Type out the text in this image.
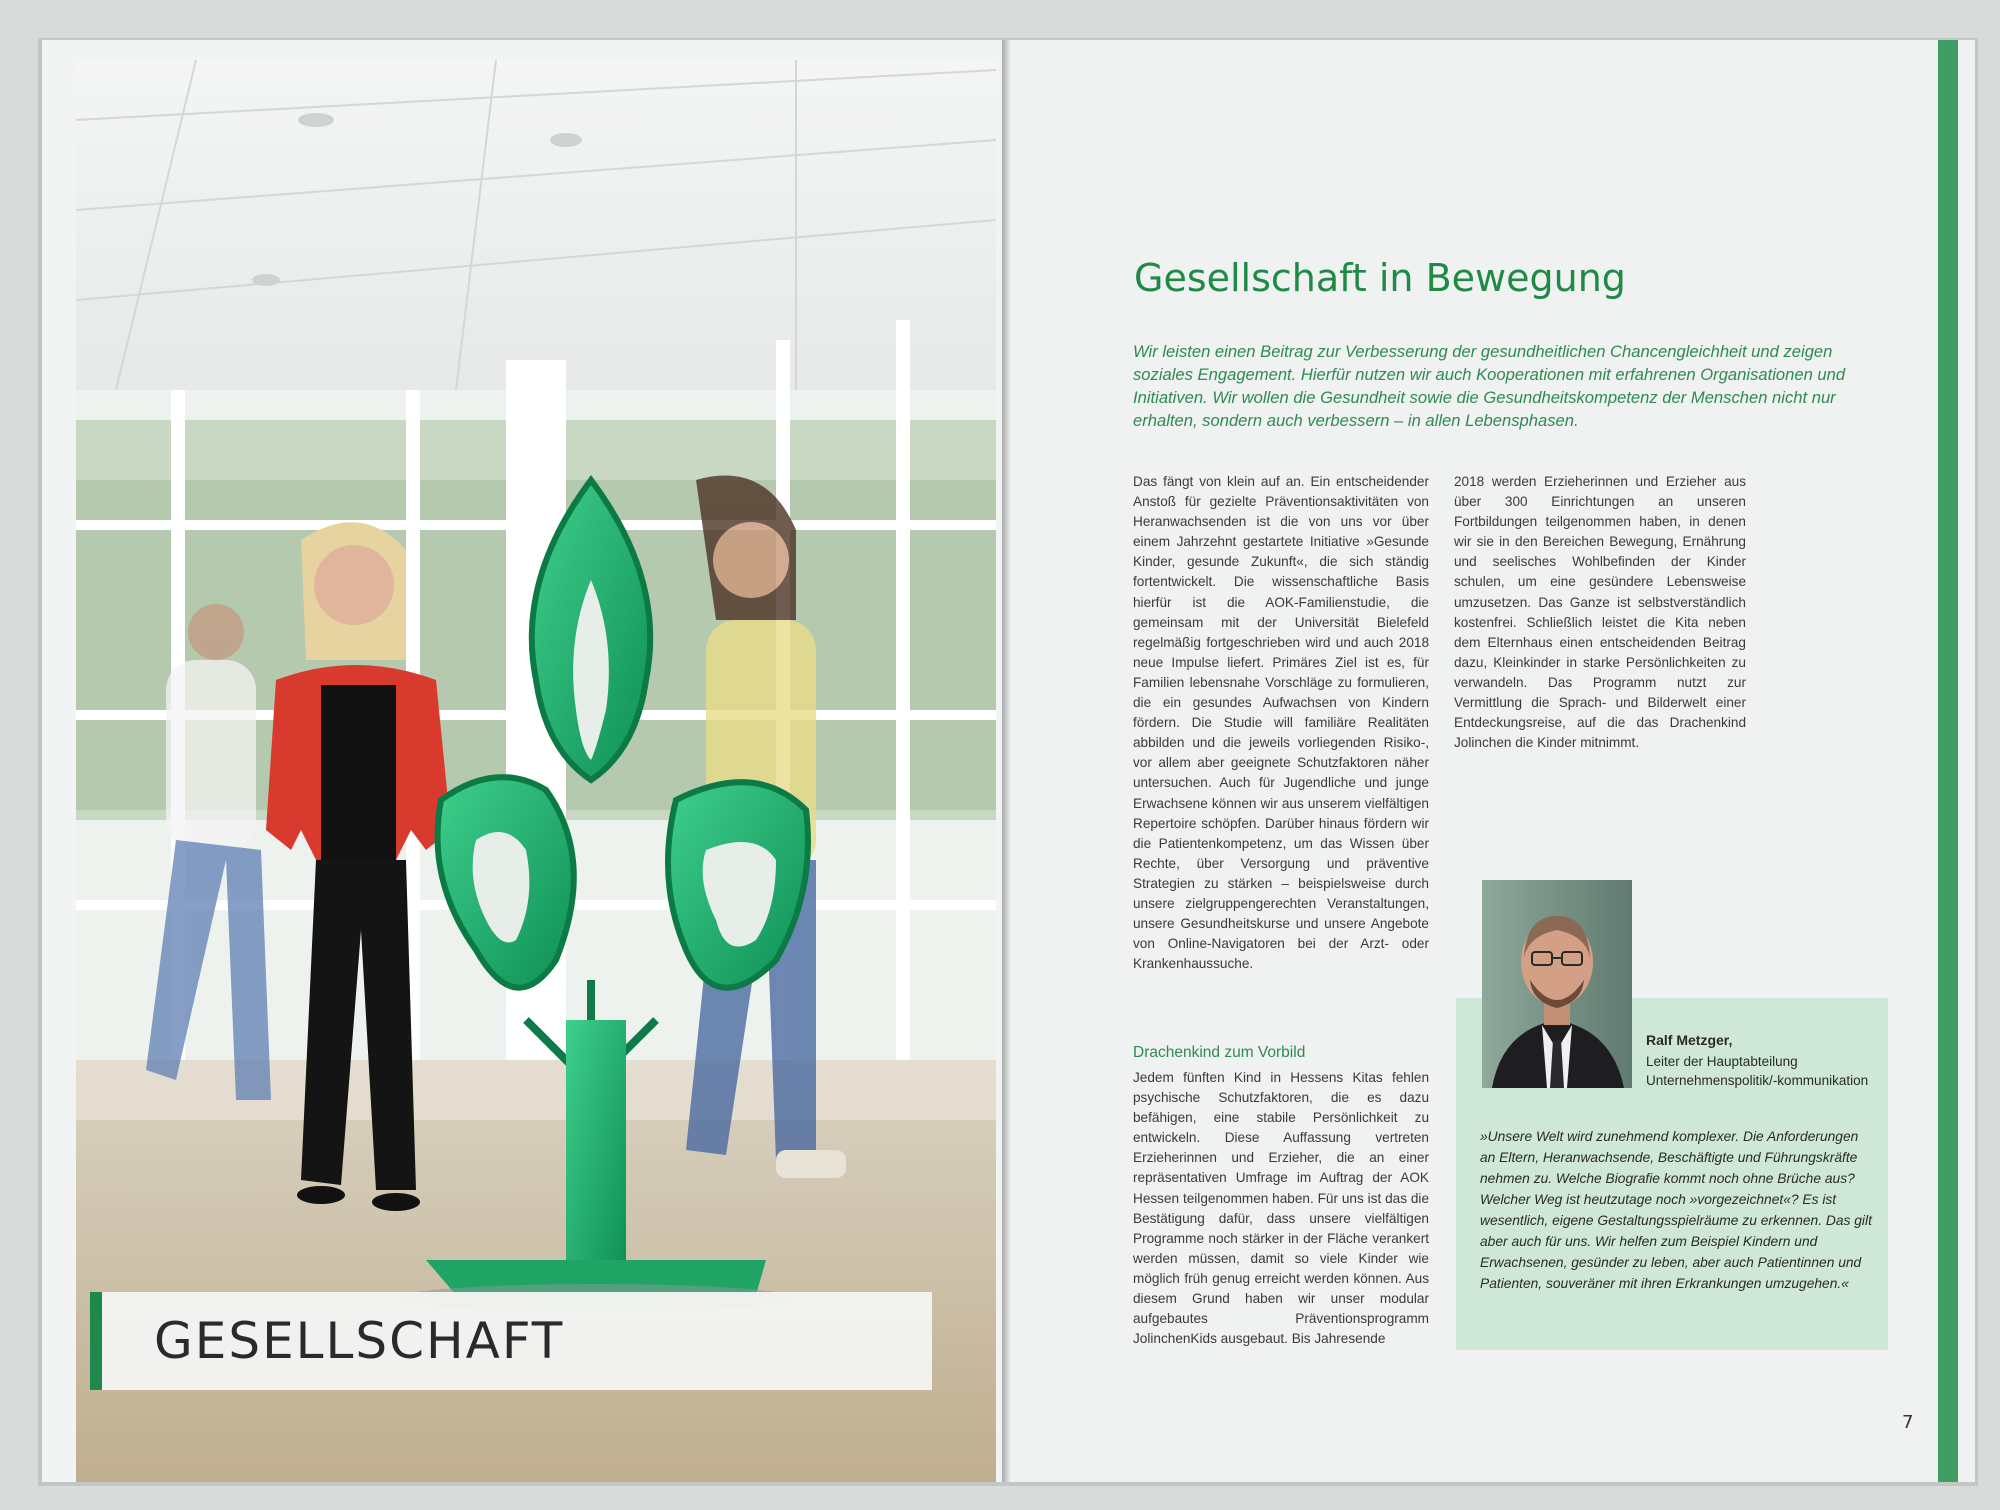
GESELLSCHAFT
Gesellschaft in Bewegung

Wir leisten einen Beitrag zur Verbesserung der gesundheitlichen Chancengleichheit und zeigen soziales Engagement. Hierfür nutzen wir auch Kooperationen mit erfahrenen Organisationen und Initiativen. Wir wollen die Gesundheit sowie die Gesundheitskompetenz der Menschen nicht nur erhalten, sondern auch verbessern – in allen Lebensphasen.

Das fängt von klein auf an. Ein entscheidender Anstoß für gezielte Präventionsaktivitäten von Heranwachsenden ist die von uns vor über einem Jahrzehnt gestartete Initiative »Gesunde Kinder, gesunde Zukunft«, die sich ständig fortentwickelt. Die wissenschaftliche Basis hierfür ist die AOK-Familienstudie, die gemeinsam mit der Universität Bielefeld regelmäßig fortgeschrieben wird und auch 2018 neue Impulse liefert. Primäres Ziel ist es, für Familien lebensnahe Vorschläge zu formulieren, die ein gesundes Aufwachsen von Kindern fördern. Die Studie will familiäre Realitäten abbilden und die jeweils vorliegenden Risiko-, vor allem aber geeignete Schutzfaktoren näher untersuchen. Auch für Jugendliche und junge Erwachsene können wir aus unserem vielfältigen Repertoire schöpfen. Darüber hinaus fördern wir die Patientenkompetenz, um das Wissen über Rechte, über Versorgung und präventive Strategien zu stärken – beispielsweise durch unsere zielgruppengerechten Veranstaltungen, unsere Gesundheitskurse und unsere Angebote von Online-Navigatoren bei der Arzt- oder Krankenhaussuche.

2018 werden Erzieherinnen und Erzieher aus über 300 Einrichtungen an unseren Fortbildungen teilgenommen haben, in denen wir sie in den Bereichen Bewegung, Ernährung und seelisches Wohlbefinden der Kinder schulen, um eine gesündere Lebensweise umzusetzen. Das Ganze ist selbstverständlich kostenfrei. Schließlich leistet die Kita neben dem Elternhaus einen entscheidenden Beitrag dazu, Kleinkinder in starke Persönlichkeiten zu verwandeln. Das Programm nutzt zur Vermittlung die Sprach- und Bilderwelt einer Entdeckungsreise, auf die das Drachenkind Jolinchen die Kinder mitnimmt.

Drachenkind zum Vorbild

Jedem fünften Kind in Hessens Kitas fehlen psychische Schutzfaktoren, die es dazu befähigen, eine stabile Persönlichkeit zu entwickeln. Diese Auffassung vertreten Erzieherinnen und Erzieher, die an einer repräsentativen Umfrage im Auftrag der AOK Hessen teilgenommen haben. Für uns ist das die Bestätigung dafür, dass unsere vielfältigen Programme noch stärker in der Fläche verankert werden müssen, damit so viele Kinder wie möglich früh genug erreicht werden können. Aus diesem Grund haben wir unser modular aufgebautes Präventionsprogramm JolinchenKids ausgebaut. Bis Jahresende

Ralf Metzger,

Leiter der Hauptabteilung Unternehmenspolitik/-kommunikation

»Unsere Welt wird zunehmend komplexer. Die Anforderungen an Eltern, Heranwachsende, Beschäftigte und Führungskräfte nehmen zu. Welche Biografie kommt noch ohne Brüche aus? Welcher Weg ist heutzutage noch »vorgezeichnet«? Es ist wesentlich, eigene Gestaltungsspielräume zu erkennen. Das gilt aber auch für uns. Wir helfen zum Beispiel Kindern und Erwachsenen, gesünder zu leben, aber auch Patientinnen und Patienten, souveräner mit ihren Erkrankungen umzugehen.«

7
